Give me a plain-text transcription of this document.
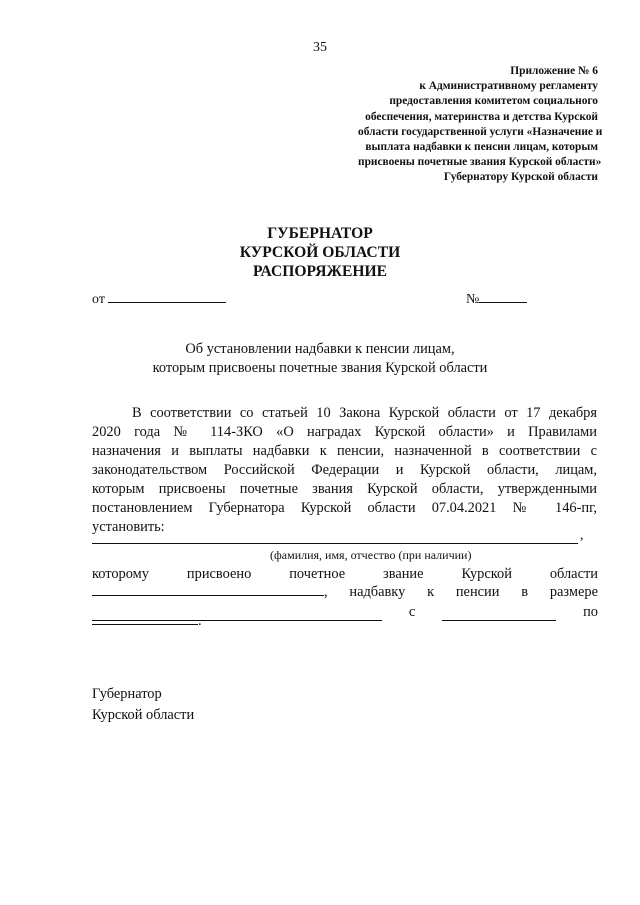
35
Приложение № 6
к Административному регламенту
предоставления комитетом социального
обеспечения, материнства и детства Курской
области государственной услуги «Назначение и
выплата надбавки к пенсии лицам, которым
присвоены почетные звания Курской области»
Губернатору Курской области
ГУБЕРНАТОР
КУРСКОЙ ОБЛАСТИ
РАСПОРЯЖЕНИЕ
от	№
Об установлении надбавки к пенсии лицам,
которым присвоены почетные звания Курской области
В соответствии со статьей 10 Закона Курской области от 17 декабря
2020 года № 114-ЗКО «О наградах Курской области» и Правилами
назначения и выплаты надбавки к пенсии, назначенной в соответствии с
законодательством Российской Федерации и Курской области, лицам,
которым присвоены почетные звания Курской области, утвержденными
постановлением Губернатора Курской области 07.04.2021 № 146-пг,
установить:
,
(фамилия, имя, отчество (при наличии)
которому	присвоено	почетное	звание	Курской	области
, надбавку к пенсии в размере
с	по
.
Губернатор
Курской области
